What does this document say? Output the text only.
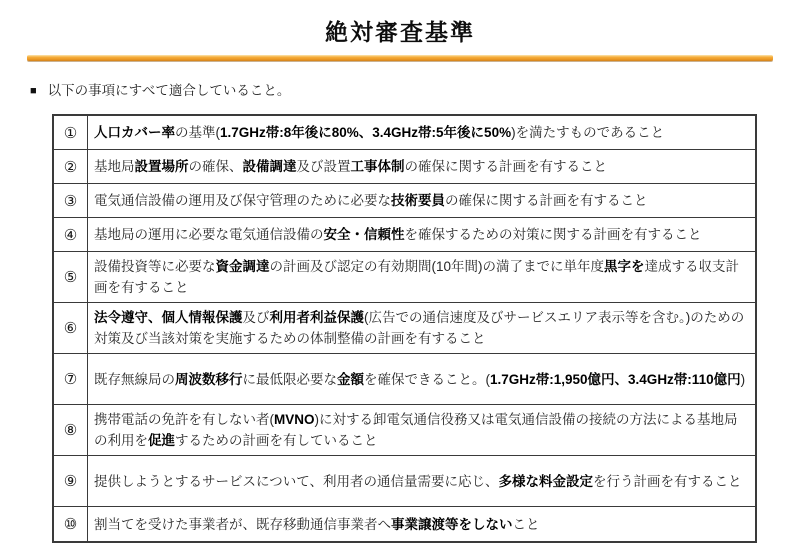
絶対審査基準
■ 以下の事項にすべて適合していること。
①	人口カバー率の基準(1.7GHz帯:8年後に80%、3.4GHz帯:5年後に50%)を満たすものであること
②	基地局設置場所の確保、設備調達及び設置工事体制の確保に関する計画を有すること
③	電気通信設備の運用及び保守管理のために必要な技術要員の確保に関する計画を有すること
④	基地局の運用に必要な電気通信設備の安全・信頼性を確保するための対策に関する計画を有すること
⑤	設備投資等に必要な資金調達の計画及び認定の有効期間(10年間)の満了までに単年度黒字を達成する収支計画を有すること
⑥	法令遵守、個人情報保護及び利用者利益保護(広告での通信速度及びサービスエリア表示等を含む。)のための対策及び当該対策を実施するための体制整備の計画を有すること
⑦	既存無線局の周波数移行に最低限必要な金額を確保できること。(1.7GHz帯:1,950億円、3.4GHz帯:110億円)
⑧	携帯電話の免許を有しない者(MVNO)に対する卸電気通信役務又は電気通信設備の接続の方法による基地局の利用を促進するための計画を有していること
⑨	提供しようとするサービスについて、利用者の通信量需要に応じ、多様な料金設定を行う計画を有すること
⑩	割当てを受けた事業者が、既存移動通信事業者へ事業譲渡等をしないこと
